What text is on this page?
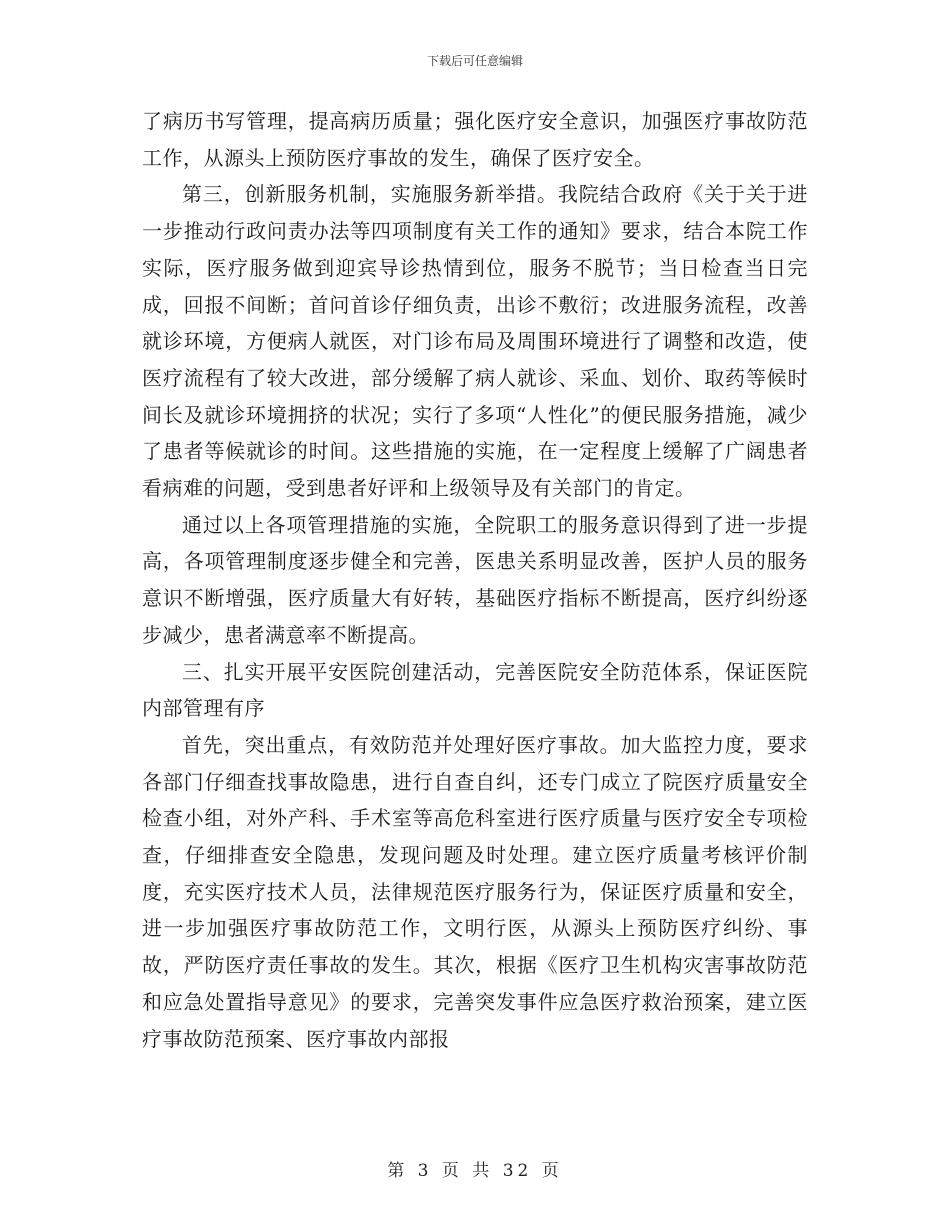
下载后可任意编辑

了病历书写管理，提高病历质量；强化医疗安全意识，加强医疗事故防范工作，从源头上预防医疗事故的发生，确保了医疗安全。

第三，创新服务机制，实施服务新举措。我院结合政府《关于关于进一步推动行政问责办法等四项制度有关工作的通知》要求，结合本院工作实际，医疗服务做到迎宾导诊热情到位，服务不脱节；当日检查当日完成，回报不间断；首问首诊仔细负责，出诊不敷衍；改进服务流程，改善就诊环境，方便病人就医，对门诊布局及周围环境进行了调整和改造，使医疗流程有了较大改进，部分缓解了病人就诊、采血、划价、取药等候时间长及就诊环境拥挤的状况；实行了多项“人性化”的便民服务措施，减少了患者等候就诊的时间。这些措施的实施，在一定程度上缓解了广阔患者看病难的问题，受到患者好评和上级领导及有关部门的肯定。

通过以上各项管理措施的实施，全院职工的服务意识得到了进一步提高，各项管理制度逐步健全和完善，医患关系明显改善，医护人员的服务意识不断增强，医疗质量大有好转，基础医疗指标不断提高，医疗纠纷逐步减少，患者满意率不断提高。

三、扎实开展平安医院创建活动，完善医院安全防范体系，保证医院内部管理有序

首先，突出重点，有效防范并处理好医疗事故。加大监控力度，要求各部门仔细查找事故隐患，进行自查自纠，还专门成立了院医疗质量安全检查小组，对外产科、手术室等高危科室进行医疗质量与医疗安全专项检查，仔细排查安全隐患，发现问题及时处理。建立医疗质量考核评价制度，充实医疗技术人员，法律规范医疗服务行为，保证医疗质量和安全，进一步加强医疗事故防范工作，文明行医，从源头上预防医疗纠纷、事故，严防医疗责任事故的发生。其次，根据《医疗卫生机构灾害事故防范和应急处置指导意见》的要求，完善突发事件应急医疗救治预案，建立医疗事故防范预案、医疗事故内部报

第 3 页 共 32 页
